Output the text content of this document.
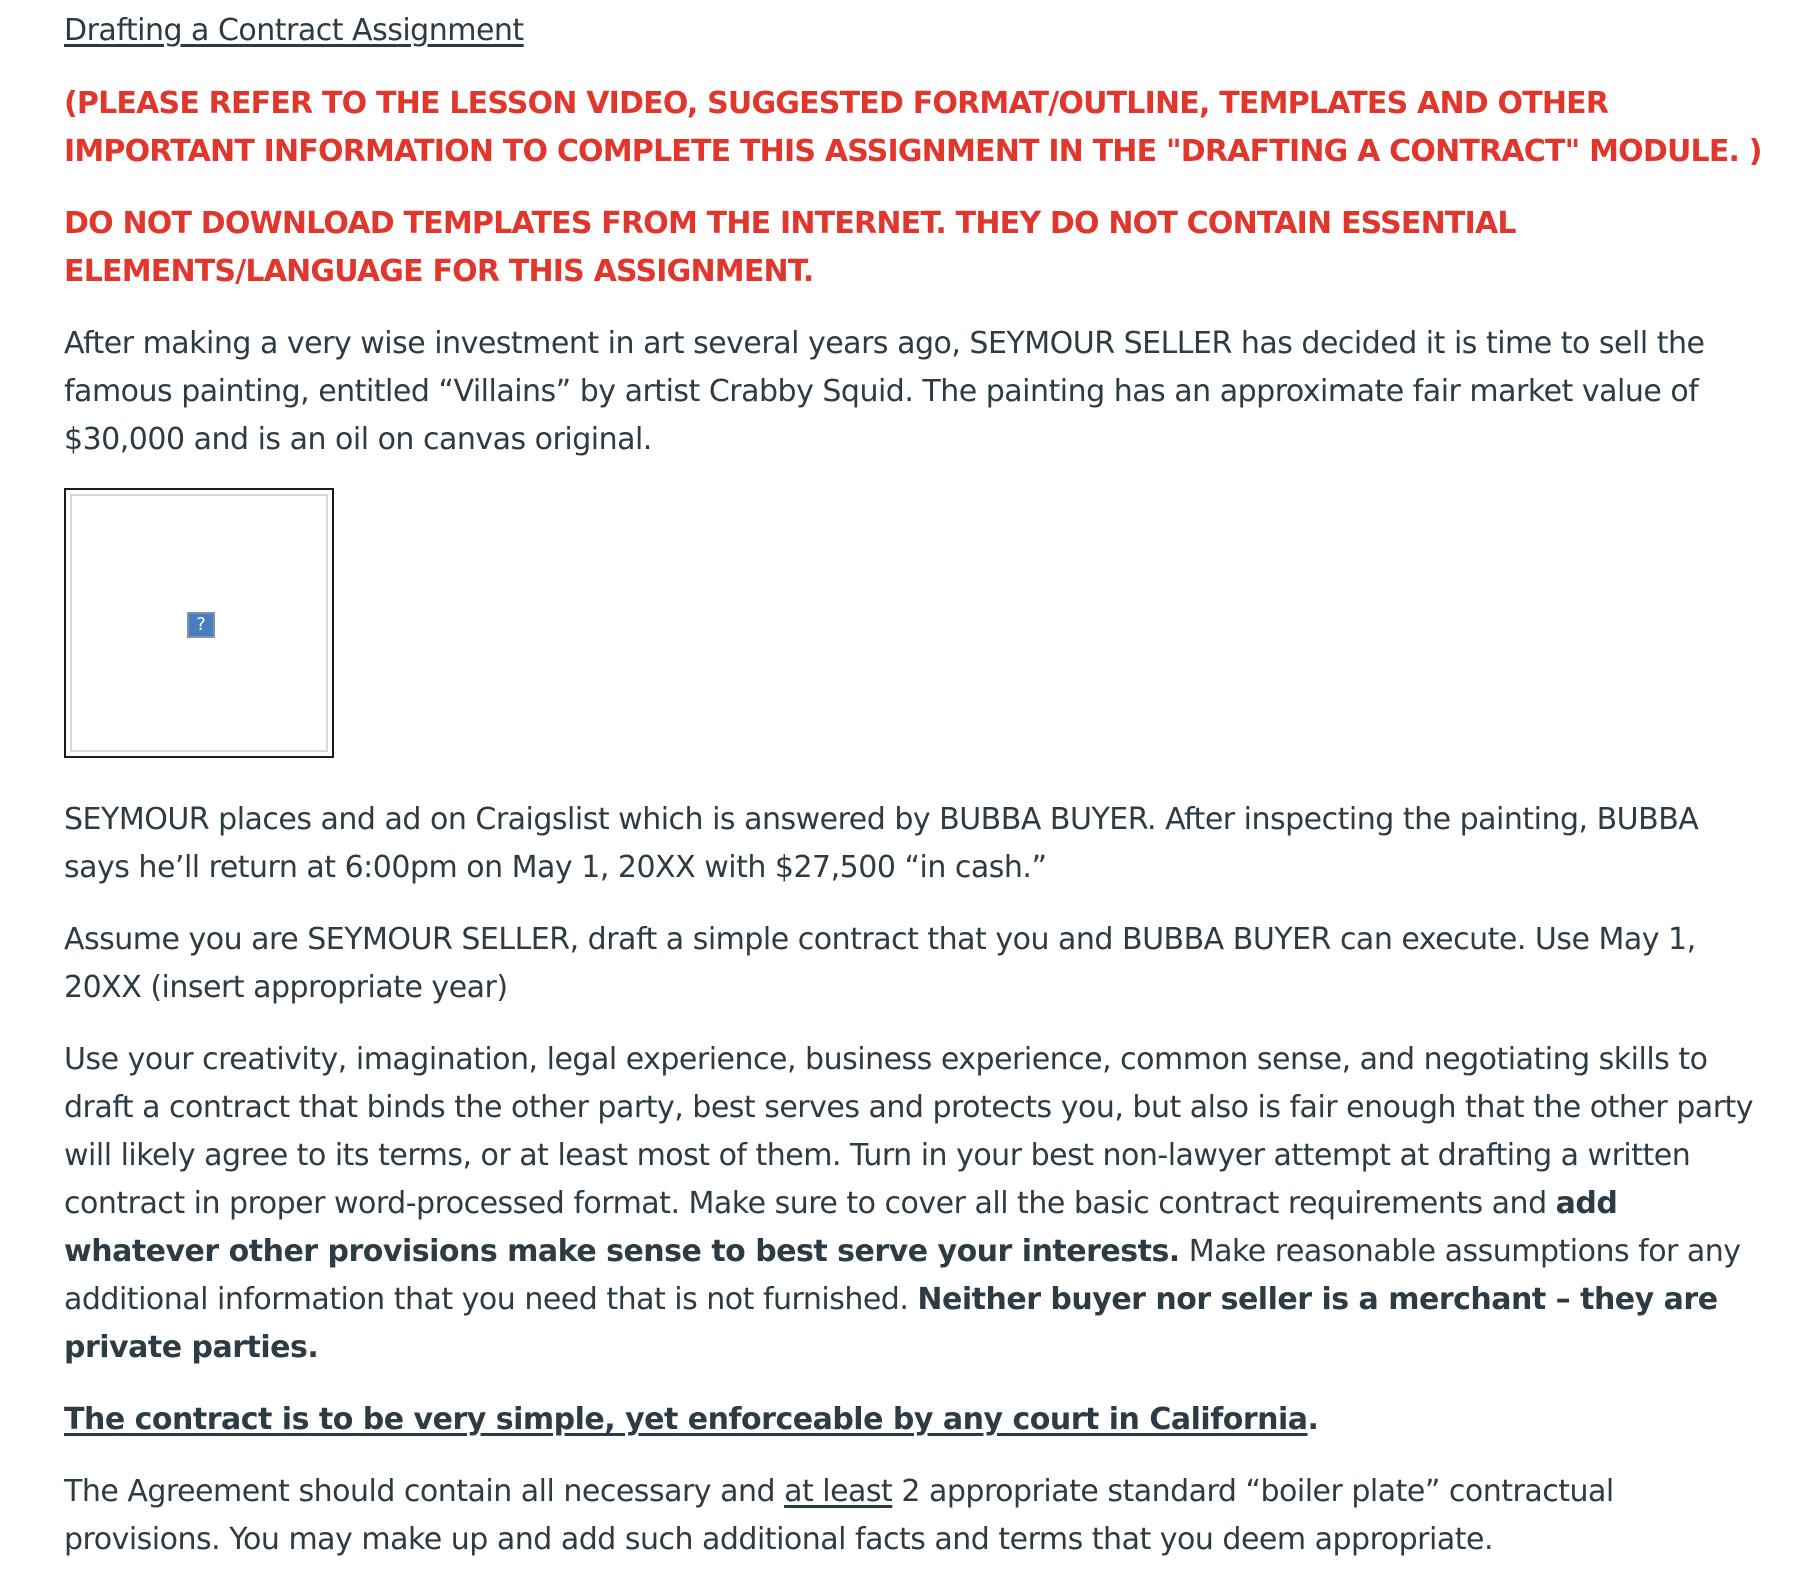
Drafting a Contract Assignment

(PLEASE REFER TO THE LESSON VIDEO, SUGGESTED FORMAT/OUTLINE, TEMPLATES AND OTHER IMPORTANT INFORMATION TO COMPLETE THIS ASSIGNMENT IN THE "DRAFTING A CONTRACT" MODULE. )

DO NOT DOWNLOAD TEMPLATES FROM THE INTERNET. THEY DO NOT CONTAIN ESSENTIAL ELEMENTS/LANGUAGE FOR THIS ASSIGNMENT.

After making a very wise investment in art several years ago, SEYMOUR SELLER has decided it is time to sell the famous painting, entitled “Villains” by artist Crabby Squid. The painting has an approximate fair market value of $30,000 and is an oil on canvas original.

?

SEYMOUR places and ad on Craigslist which is answered by BUBBA BUYER. After inspecting the painting, BUBBA says he’ll return at 6:00pm on May 1, 20XX with $27,500 “in cash.”

Assume you are SEYMOUR SELLER, draft a simple contract that you and BUBBA BUYER can execute. Use May 1, 20XX (insert appropriate year)

Use your creativity, imagination, legal experience, business experience, common sense, and negotiating skills to draft a contract that binds the other party, best serves and protects you, but also is fair enough that the other party will likely agree to its terms, or at least most of them. Turn in your best non-lawyer attempt at drafting a written contract in proper word-processed format. Make sure to cover all the basic contract requirements and add whatever other provisions make sense to best serve your interests. Make reasonable assumptions for any additional information that you need that is not furnished. Neither buyer nor seller is a merchant – they are private parties.

The contract is to be very simple, yet enforceable by any court in California.

The Agreement should contain all necessary and at least 2 appropriate standard “boiler plate” contractual provisions. You may make up and add such additional facts and terms that you deem appropriate.
